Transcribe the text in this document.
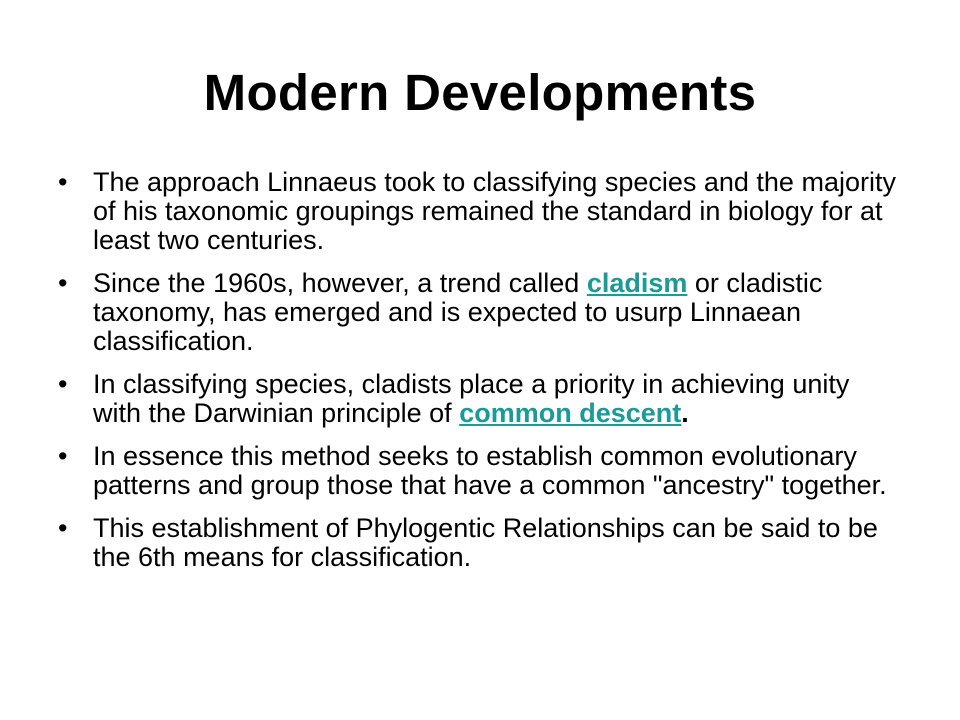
Modern Developments
• The approach Linnaeus took to classifying species and the majority of his taxonomic groupings remained the standard in biology for at least two centuries.
• Since the 1960s, however, a trend called cladism or cladistic taxonomy, has emerged and is expected to usurp Linnaean classification.
• In classifying species, cladists place a priority in achieving unity with the Darwinian principle of common descent.
• In essence this method seeks to establish common evolutionary patterns and group those that have a common "ancestry" together.
• This establishment of Phylogentic Relationships can be said to be the 6th means for classification.
